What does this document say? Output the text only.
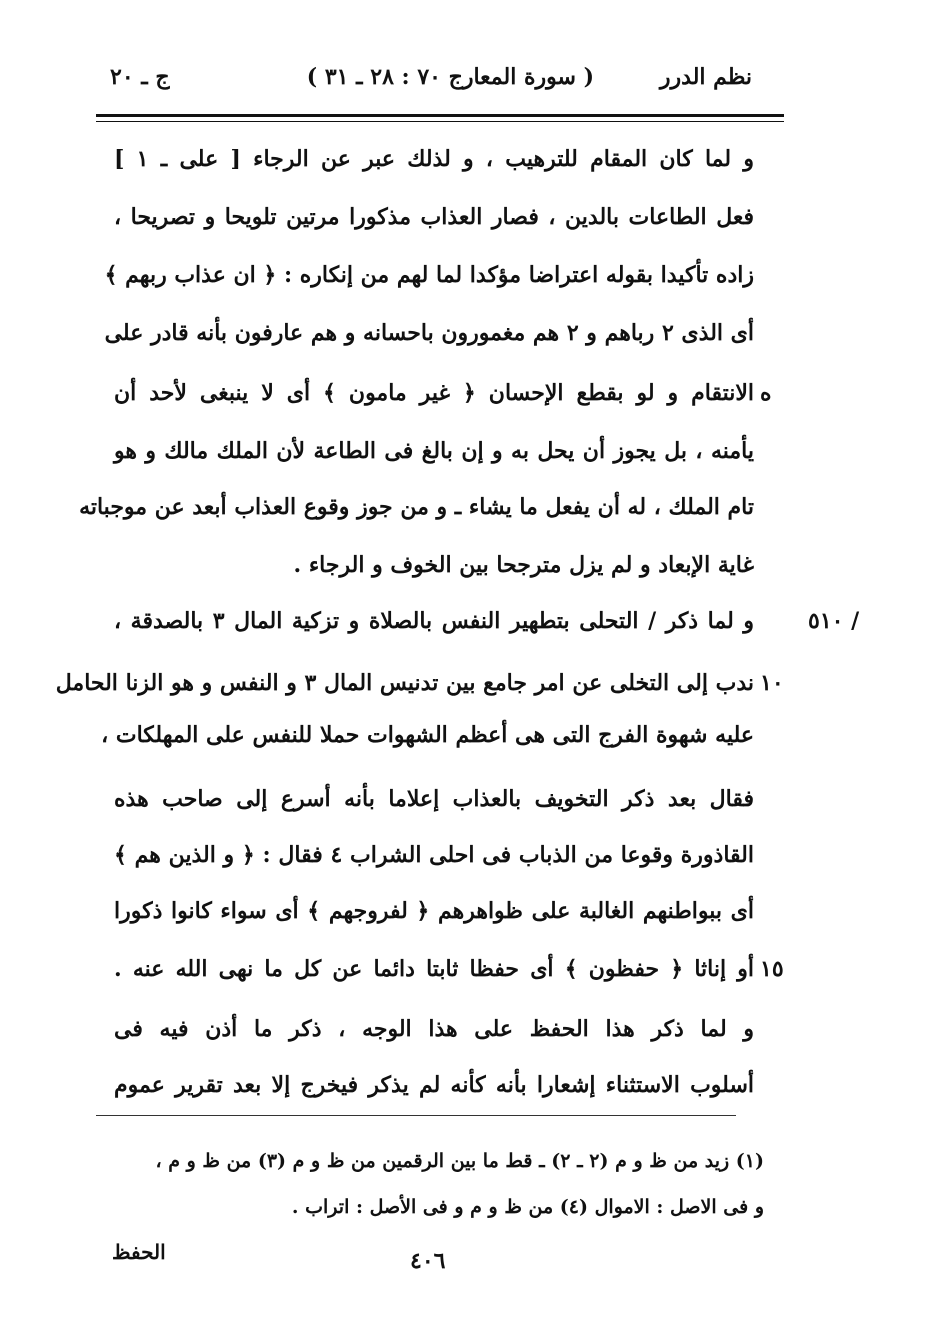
نظم الدرر
( سورة المعارج ٧٠ : ٢٨ ـ ٣١ )
ج ـ ٢٠
و لما كان المقام للترهيب ، و لذلك عبر عن الرجاء [ على ـ ١ ]
فعل الطاعات بالدين ، فصار العذاب مذكورا مرتين تلويحا و تصريحا ،
زاده تأكيدا بقوله اعتراضا مؤكدا لما لهم من إنكاره : ﴿ ان عذاب ربهم ﴾
أى الذى ٢ رباهم و ٢ هم مغمورون باحسانه و هم عارفون بأنه قادر على
الانتقام و لو بقطع الإحسان ﴿ غير مامون ﴾ أى لا ينبغى لأحد أن
يأمنه ، بل يجوز أن يحل به و إن بالغ فى الطاعة لأن الملك مالك و هو
تام الملك ، له أن يفعل ما يشاء ـ و من جوز وقوع العذاب أبعد عن موجباته
غاية الإبعاد و لم يزل مترجحا بين الخوف و الرجاء .
و لما ذكر / التحلى بتطهير النفس بالصلاة و تزكية المال ٣ بالصدقة ،
ندب إلى التخلى عن امر جامع بين تدنيس المال ٣ و النفس و هو الزنا الحامل
عليه شهوة الفرج التى هى أعظم الشهوات حملا للنفس على المهلكات ،
فقال بعد ذكر التخويف بالعذاب إعلاما بأنه أسرع إلى صاحب هذه
القاذورة وقوعا من الذباب فى احلى الشراب ٤ فقال : ﴿ و الذين هم ﴾
أى ببواطنهم الغالبة على ظواهرهم ﴿ لفروجهم ﴾ أى سواء كانوا ذكورا
أو إناثا ﴿ حفظون ﴾ أى حفظا ثابتا دائما عن كل ما نهى الله عنه .
و لما ذكر هذا الحفظ على هذا الوجه ، ذكر ما أذن فيه فى
أسلوب الاستثناء إشعارا بأنه كأنه لم يذكر فيخرج إلا بعد تقرير عموم
ه
١٠
١٥
/ ٥١٠
(١) زيد من ظ و م (٢ ـ ٢) ـ قط ما بين الرقمين من ظ و م (٣) من ظ و م ،
و فى الاصل : الاموال (٤) من ظ و م و فى الأصل : اتراب .
٤٠٦
الحفظ
